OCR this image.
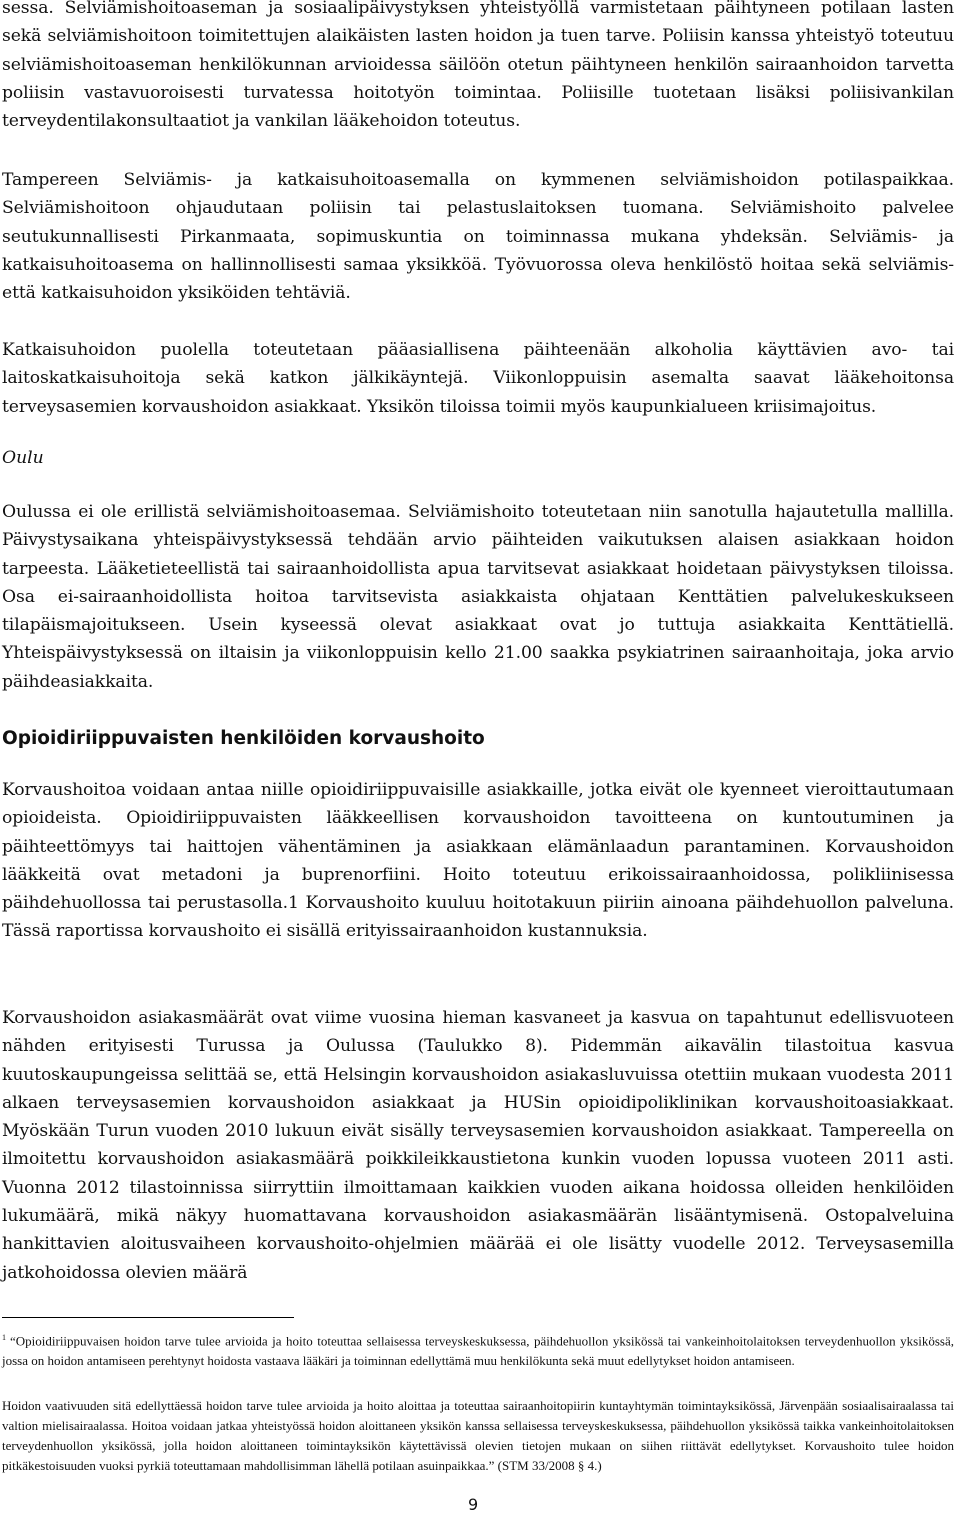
sessa. Selviämishoitoaseman ja sosiaalipäivystyksen yhteistyöllä varmistetaan päihtyneen potilaan lasten sekä selviämishoitoon toimitettujen alaikäisten lasten hoidon ja tuen tarve. Poliisin kanssa yhteistyö toteutuu selviämishoitoaseman henkilökunnan arvioidessa säilöön otetun päihtyneen henkilön sairaanhoidon tarvetta poliisin vastavuoroisesti turvatessa hoitotyön toimintaa. Poliisille tuotetaan lisäksi poliisivankilan terveydentilakonsultaatiot ja vankilan lääkehoidon toteutus.

Tampereen Selviämis- ja katkaisuhoitoasemalla on kymmenen selviämishoidon potilaspaikkaa. Selviämishoitoon ohjaudutaan poliisin tai pelastuslaitoksen tuomana. Selviämishoito palvelee seutukunnallisesti Pirkanmaata, sopimuskuntia on toiminnassa mukana yhdeksän. Selviämis- ja katkaisuhoitoasema on hallinnollisesti samaa yksikköä. Työvuorossa oleva henkilöstö hoitaa sekä selviämis- että katkaisuhoidon yksiköiden tehtäviä.

Katkaisuhoidon puolella toteutetaan pääasiallisena päihteenään alkoholia käyttävien avo- tai laitoskatkaisuhoitoja sekä katkon jälkikäyntejä. Viikonloppuisin asemalta saavat lääkehoitonsa terveysasemien korvaushoidon asiakkaat. Yksikön tiloissa toimii myös kaupunkialueen kriisimajoitus.

Oulu

Oulussa ei ole erillistä selviämishoitoasemaa. Selviämishoito toteutetaan niin sanotulla hajautetulla mallilla. Päivystysaikana yhteispäivystyksessä tehdään arvio päihteiden vaikutuksen alaisen asiakkaan hoidon tarpeesta. Lääketieteellistä tai sairaanhoidollista apua tarvitsevat asiakkaat hoidetaan päivystyksen tiloissa. Osa ei-sairaanhoidollista hoitoa tarvitsevista asiakkaista ohjataan Kenttätien palvelukeskukseen tilapäismajoitukseen. Usein kyseessä olevat asiakkaat ovat jo tuttuja asiakkaita Kenttätiellä. Yhteispäivystyksessä on iltaisin ja viikonloppuisin kello 21.00 saakka psykiatrinen sairaanhoitaja, joka arvio päihdeasiakkaita.

Opioidiriippuvaisten henkilöiden korvaushoito

Korvaushoitoa voidaan antaa niille opioidiriippuvaisille asiakkaille, jotka eivät ole kyenneet vieroittautumaan opioideista. Opioidiriippuvaisten lääkkeellisen korvaushoidon tavoitteena on kuntoutuminen ja päihteettömyys tai haittojen vähentäminen ja asiakkaan elämänlaadun parantaminen. Korvaushoidon lääkkeitä ovat metadoni ja buprenorfiini. Hoito toteutuu erikoissairaanhoidossa, polikliinisessa päihdehuollossa tai perustasolla.1 Korvaushoito kuuluu hoitotakuun piiriin ainoana päihdehuollon palveluna. Tässä raportissa korvaushoito ei sisällä erityissairaanhoidon kustannuksia.

Korvaushoidon asiakasmäärät ovat viime vuosina hieman kasvaneet ja kasvua on tapahtunut edellisvuoteen nähden erityisesti Turussa ja Oulussa (Taulukko 8). Pidemmän aikavälin tilastoitua kasvua kuutoskaupungeissa selittää se, että Helsingin korvaushoidon asiakasluvuissa otettiin mukaan vuodesta 2011 alkaen terveysasemien korvaushoidon asiakkaat ja HUSin opioidipoliklinikan korvaushoitoasiakkaat. Myöskään Turun vuoden 2010 lukuun eivät sisälly terveysasemien korvaushoidon asiakkaat. Tampereella on ilmoitettu korvaushoidon asiakasmäärä poikkileikkaustietona kunkin vuoden lopussa vuoteen 2011 asti. Vuonna 2012 tilastoinnissa siirryttiin ilmoittamaan kaikkien vuoden aikana hoidossa olleiden henkilöiden lukumäärä, mikä näkyy huomattavana korvaushoidon asiakasmäärän lisääntymisenä. Ostopalveluina hankittavien aloitusvaiheen korvaushoito-ohjelmien määrää ei ole lisätty vuodelle 2012. Terveysasemilla jatkohoidossa olevien määrä

$^1$ “Opioidiriippuvaisen hoidon tarve tulee arvioida ja hoito toteuttaa sellaisessa terveyskeskuksessa, päihdehuollon yksikössä tai vankeinhoitolaitoksen terveydenhuollon yksikössä, jossa on hoidon antamiseen perehtynyt hoidosta vastaava lääkäri ja toiminnan edellyttämä muu henkilökunta sekä muut edellytykset hoidon antamiseen.

Hoidon vaativuuden sitä edellyttäessä hoidon tarve tulee arvioida ja hoito aloittaa ja toteuttaa sairaanhoitopiirin kuntayhtymän toimintayksikössä, Järvenpään sosiaalisairaalassa tai valtion mielisairaalassa. Hoitoa voidaan jatkaa yhteistyössä hoidon aloittaneen yksikön kanssa sellaisessa terveyskeskuksessa, päihdehuollon yksikössä taikka vankeinhoitolaitoksen terveydenhuollon yksikössä, jolla hoidon aloittaneen toimintayksikön käytettävissä olevien tietojen mukaan on siihen riittävät edellytykset. Korvaushoito tulee hoidon pitkäkestoisuuden vuoksi pyrkiä toteuttamaan mahdollisimman lähellä potilaan asuinpaikkaa.” (STM 33/2008 § 4.)

9
